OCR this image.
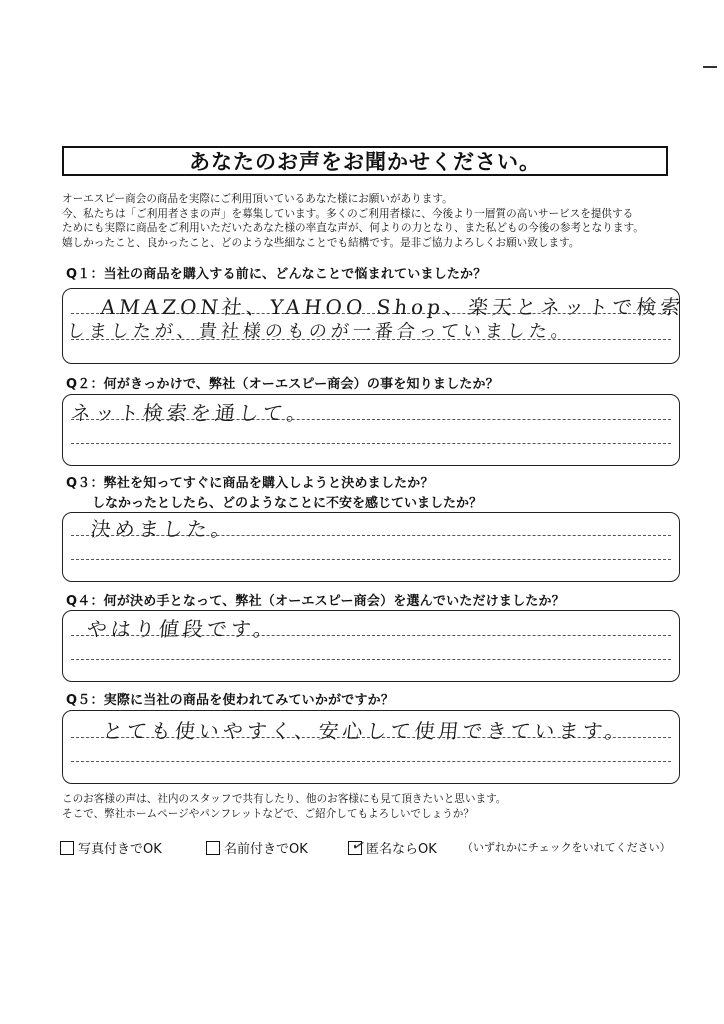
あなたのお声をお聞かせください。
オーエスピー商会の商品を実際にご利用頂いているあなた様にお願いがあります。
今、私たちは「ご利用者さまの声」を募集しています。多くのご利用者様に、今後より一層質の高いサービスを提供する
ためにも実際に商品をご利用いただいたあなた様の率直な声が、何よりの力となり、また私どもの今後の参考となります。
嬉しかったこと、良かったこと、どのような些細なことでも結構です。是非ご協力よろしくお願い致します。
Q１：当社の商品を購入する前に、どんなことで悩まれていましたか？
AMAZON社、YAHOO Shop、楽天とネットで検索
しましたが、貴社様のものが一番合っていました。
Q２：何がきっかけで、弊社（オーエスピー商会）の事を知りましたか？
ネット検索を通して。
Q３：弊社を知ってすぐに商品を購入しようと決めましたか？
しなかったとしたら、どのようなことに不安を感じていましたか？
決めました。
Q４：何が決め手となって、弊社（オーエスピー商会）を選んでいただけましたか？
やはり値段です。
Q５：実際に当社の商品を使われてみていかがですか？
とても使いやすく、安心して使用できています。
このお客様の声は、社内のスタッフで共有したり、他のお客様にも見て頂きたいと思います。
そこで、弊社ホームページやパンフレットなどで、ご紹介してもよろしいでしょうか？
写真付きでOK	名前付きでOK	✓
匿名ならOK （いずれかにチェックをいれてください）
